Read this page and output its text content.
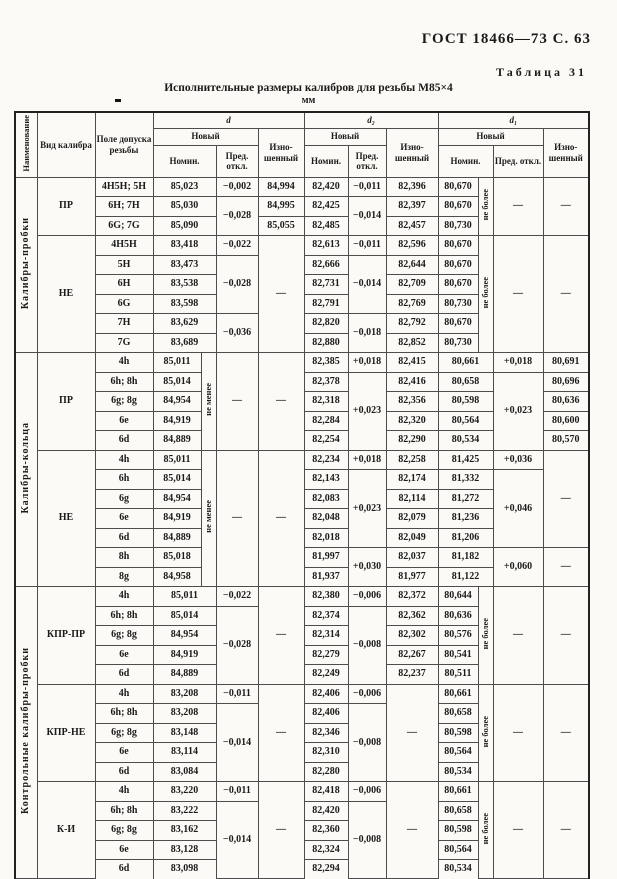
ГОСТ 18466—73 С. 63
Таблица 31
Исполнительные размеры калибров для резьбы М85×4
мм
Наименование	Вид калибра	Поле допуска резьбы	d				d₂			d₁			
			Новый			Изно-шенный	Новый		Изно-шенный	Новый			Изно-шенный
			Номин.		Пред. откл.		Номин.	Пред. откл.		Номин.		Пред. откл.	
Калибры-пробки	ПР	4H5H; 5H	85,023		−0,002	84,994	82,420	−0,011	82,396	80,670	не более	—	—
		6H; 7H	85,030		−0,028	84,995	82,425	−0,014	82,397	80,670			
		6G; 7G	85,090			85,055	82,485		82,457	80,730			
	НЕ	4H5H	83,418		−0,022	—	82,613	−0,011	82,596	80,670	не более	—	—
		5H	83,473		−0,028		82,666	−0,014	82,644	80,670			
		6H	83,538				82,731		82,709	80,670			
		6G	83,598				82,791		82,769	80,730			
		7H	83,629		−0,036		82,820	−0,018	82,792	80,670			
		7G	83,689				82,880		82,852	80,730			
Калибры-кольца	ПР	4h	85,011	не менее	—	—	82,385	+0,018	82,415	80,661		+0,018	80,691
		6h; 8h	85,014				82,378	+0,023	82,416	80,658		+0,023	80,696
		6g; 8g	84,954				82,318		82,356	80,598			80,636
		6e	84,919				82,284		82,320	80,564			80,600
		6d	84,889				82,254		82,290	80,534			80,570
	НЕ	4h	85,011	не менее	—	—	82,234	+0,018	82,258	81,425		+0,036	—
		6h	85,014				82,143	+0,023	82,174	81,332		+0,046	
		6g	84,954				82,083		82,114	81,272			
		6e	84,919				82,048		82,079	81,236			
		6d	84,889				82,018		82,049	81,206			
		8h	85,018				81,997	+0,030	82,037	81,182		+0,060	—
		8g	84,958				81,937		81,977	81,122			
Контрольные калибры-пробки	КПР-ПР	4h	85,011		−0,022	—	82,380	−0,006	82,372	80,644	не более	—	—
		6h; 8h	85,014		−0,028		82,374	−0,008	82,362	80,636			
		6g; 8g	84,954				82,314		82,302	80,576			
		6e	84,919				82,279		82,267	80,541			
		6d	84,889				82,249		82,237	80,511			
	КПР-НЕ	4h	83,208		−0,011	—	82,406	−0,006	—	80,661	не более	—	—
		6h; 8h	83,208		−0,014		82,406	−0,008		80,658			
		6g; 8g	83,148				82,346			80,598			
		6e	83,114				82,310			80,564			
		6d	83,084				82,280			80,534			
	К-И	4h	83,220		−0,011	—	82,418	−0,006	—	80,661	не более	—	—
		6h; 8h	83,222		−0,014		82,420	−0,008		80,658			
		6g; 8g	83,162				82,360			80,598			
		6e	83,128				82,324			80,564			
		6d	83,098				82,294			80,534			
